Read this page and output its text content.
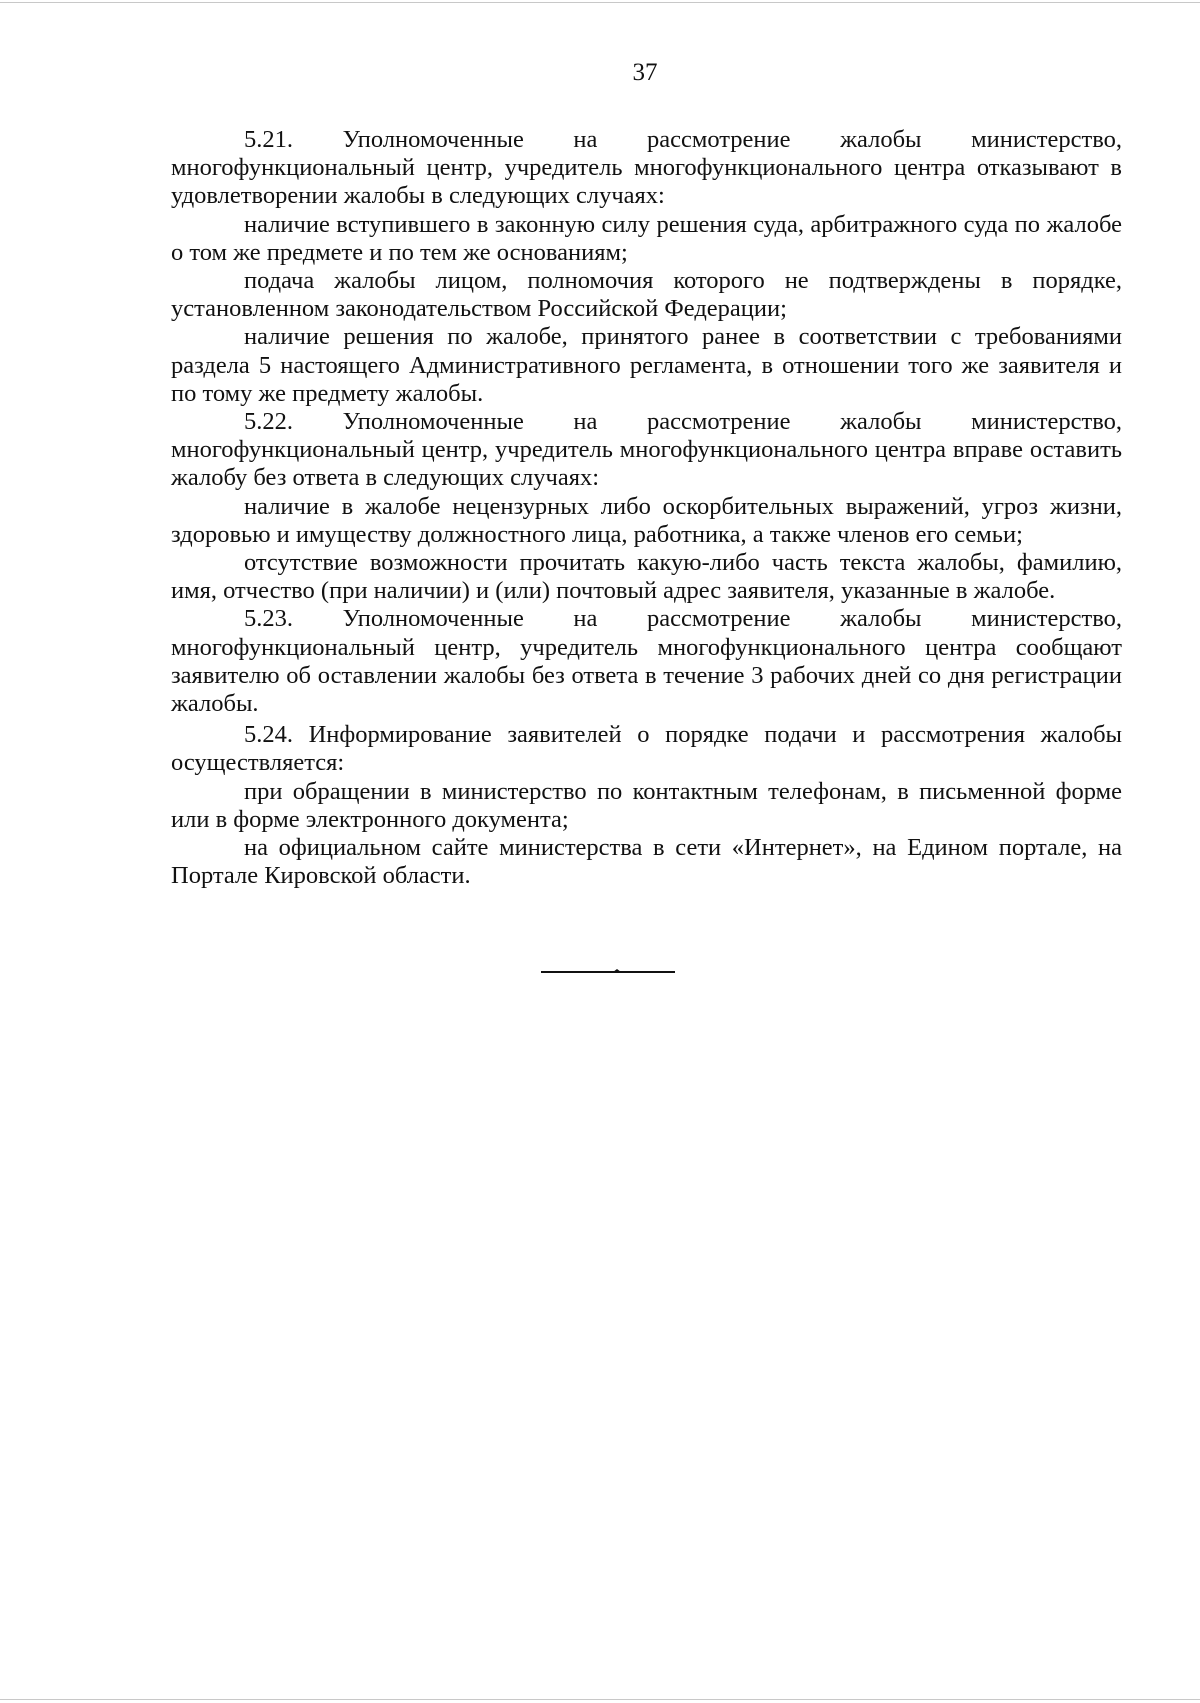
37

5.21. Уполномоченные на рассмотрение жалобы министерство, многофункциональный центр, учредитель многофункционального центра отказывают в удовлетворении жалобы в следующих случаях:

наличие вступившего в законную силу решения суда, арбитражного суда по жалобе о том же предмете и по тем же основаниям;

подача жалобы лицом, полномочия которого не подтверждены в порядке, установленном законодательством Российской Федерации;

наличие решения по жалобе, принятого ранее в соответствии с требованиями раздела 5 настоящего Административного регламента, в отношении того же заявителя и по тому же предмету жалобы.

5.22. Уполномоченные на рассмотрение жалобы министерство, многофункциональный центр, учредитель многофункционального центра вправе оставить жалобу без ответа в следующих случаях:

наличие в жалобе нецензурных либо оскорбительных выражений, угроз жизни, здоровью и имуществу должностного лица, работника, а также членов его семьи;

отсутствие возможности прочитать какую-либо часть текста жалобы, фамилию, имя, отчество (при наличии) и (или) почтовый адрес заявителя, указанные в жалобе.

5.23. Уполномоченные на рассмотрение жалобы министерство, многофункциональный центр, учредитель многофункционального центра сообщают заявителю об оставлении жалобы без ответа в течение 3 рабочих дней со дня регистрации жалобы.

5.24. Информирование заявителей о порядке подачи и рассмотрения жалобы осуществляется:

при обращении в министерство по контактным телефонам, в письменной форме или в форме электронного документа;

на официальном сайте министерства в сети «Интернет», на Едином портале, на Портале Кировской области.
